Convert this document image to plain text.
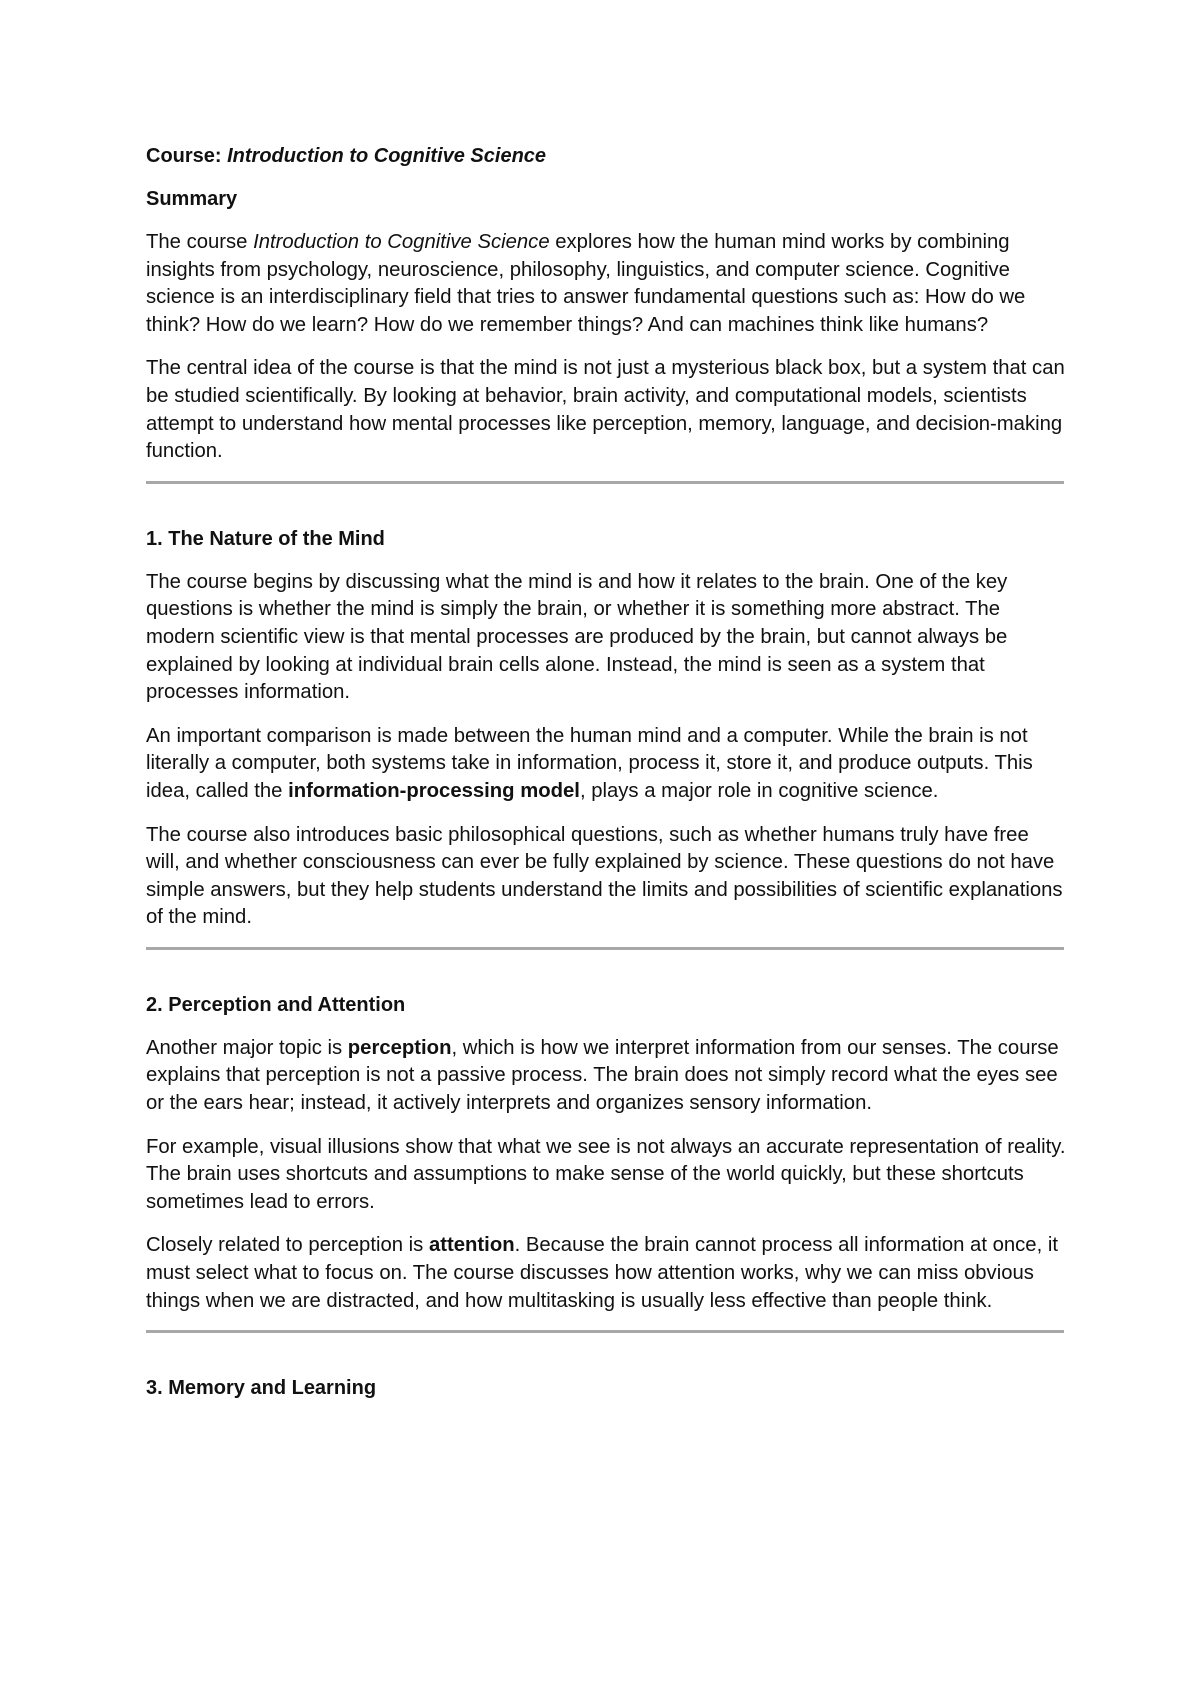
Course: Introduction to Cognitive Science
Summary

The course Introduction to Cognitive Science explores how the human mind works by combining insights from psychology, neuroscience, philosophy, linguistics, and computer science. Cognitive science is an interdisciplinary field that tries to answer fundamental questions such as: How do we think? How do we learn? How do we remember things? And can machines think like humans?

The central idea of the course is that the mind is not just a mysterious black box, but a system that can be studied scientifically. By looking at behavior, brain activity, and computational models, scientists attempt to understand how mental processes like perception, memory, language, and decision-making function.

1. The Nature of the Mind

The course begins by discussing what the mind is and how it relates to the brain. One of the key questions is whether the mind is simply the brain, or whether it is something more abstract. The modern scientific view is that mental processes are produced by the brain, but cannot always be explained by looking at individual brain cells alone. Instead, the mind is seen as a system that processes information.

An important comparison is made between the human mind and a computer. While the brain is not literally a computer, both systems take in information, process it, store it, and produce outputs. This idea, called the information-processing model, plays a major role in cognitive science.

The course also introduces basic philosophical questions, such as whether humans truly have free will, and whether consciousness can ever be fully explained by science. These questions do not have simple answers, but they help students understand the limits and possibilities of scientific explanations of the mind.

2. Perception and Attention

Another major topic is perception, which is how we interpret information from our senses. The course explains that perception is not a passive process. The brain does not simply record what the eyes see or the ears hear; instead, it actively interprets and organizes sensory information.

For example, visual illusions show that what we see is not always an accurate representation of reality. The brain uses shortcuts and assumptions to make sense of the world quickly, but these shortcuts sometimes lead to errors.

Closely related to perception is attention. Because the brain cannot process all information at once, it must select what to focus on. The course discusses how attention works, why we can miss obvious things when we are distracted, and how multitasking is usually less effective than people think.

3. Memory and Learning
